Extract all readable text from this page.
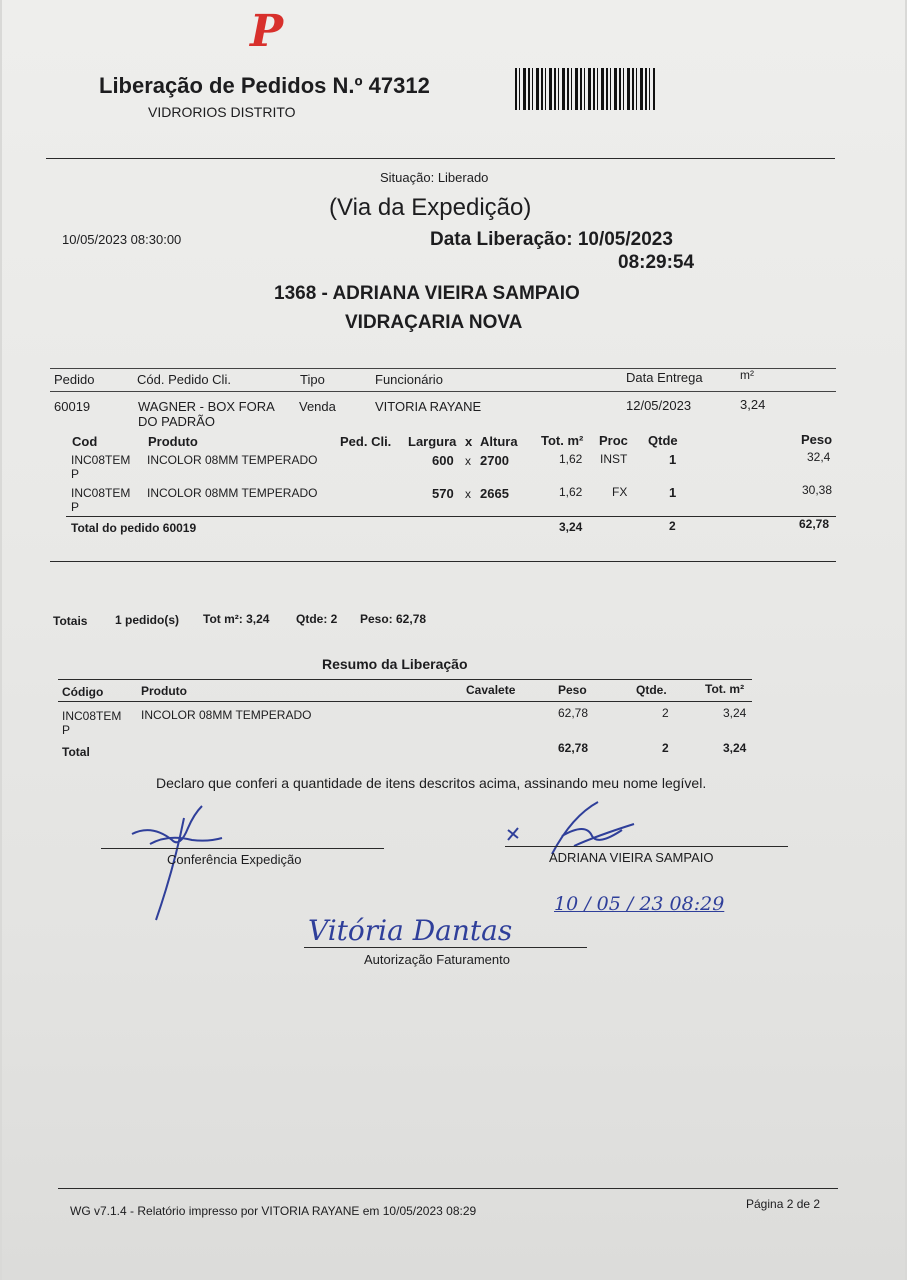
P
Liberação de Pedidos N.º 47312
VIDRORIOS DISTRITO
Situação: Liberado
(Via da Expedição)
10/05/2023 08:30:00	Data Liberação: 10/05/2023
08:29:54
1368 - ADRIANA VIEIRA SAMPAIO
VIDRAÇARIA NOVA
Pedido	Cód. Pedido Cli.	Tipo	Funcionário	Data Entrega	m²
60019	WAGNER - BOX FORA
DO PADRÃO
Venda	VITORIA RAYANE	12/05/2023	3,24
Cod	Produto	Ped. Cli. Largura x Altura Tot. m² Proc Qtde	Peso
INC08TEM
P
INCOLOR 08MM TEMPERADO	600 x 2700	1,62 INST	1	32,4
INC08TEM
P
INCOLOR 08MM TEMPERADO	570 x 2665	1,62 FX	1	30,38
Total do pedido 60019	3,24	2	62,78
Totais 1 pedido(s) Tot m²: 3,24 Qtde: 2 Peso: 62,78
Resumo da Liberação
Código	Produto	Cavalete	Peso	Qtde.	Tot. m²
INC08TEM
P
INCOLOR 08MM TEMPERADO	62,78	2	3,24
Total	62,78	2	3,24
Declaro que conferi a quantidade de itens descritos acima, assinando meu nome legível.
Conferência Expedição	ADRIANA VIEIRA SAMPAIO
10 / 05 / 23 08:29
Vitória Dantas
Autorização Faturamento
WG v7.1.4 - Relatório impresso por VITORIA RAYANE em 10/05/2023 08:29	Página 2 de 2
